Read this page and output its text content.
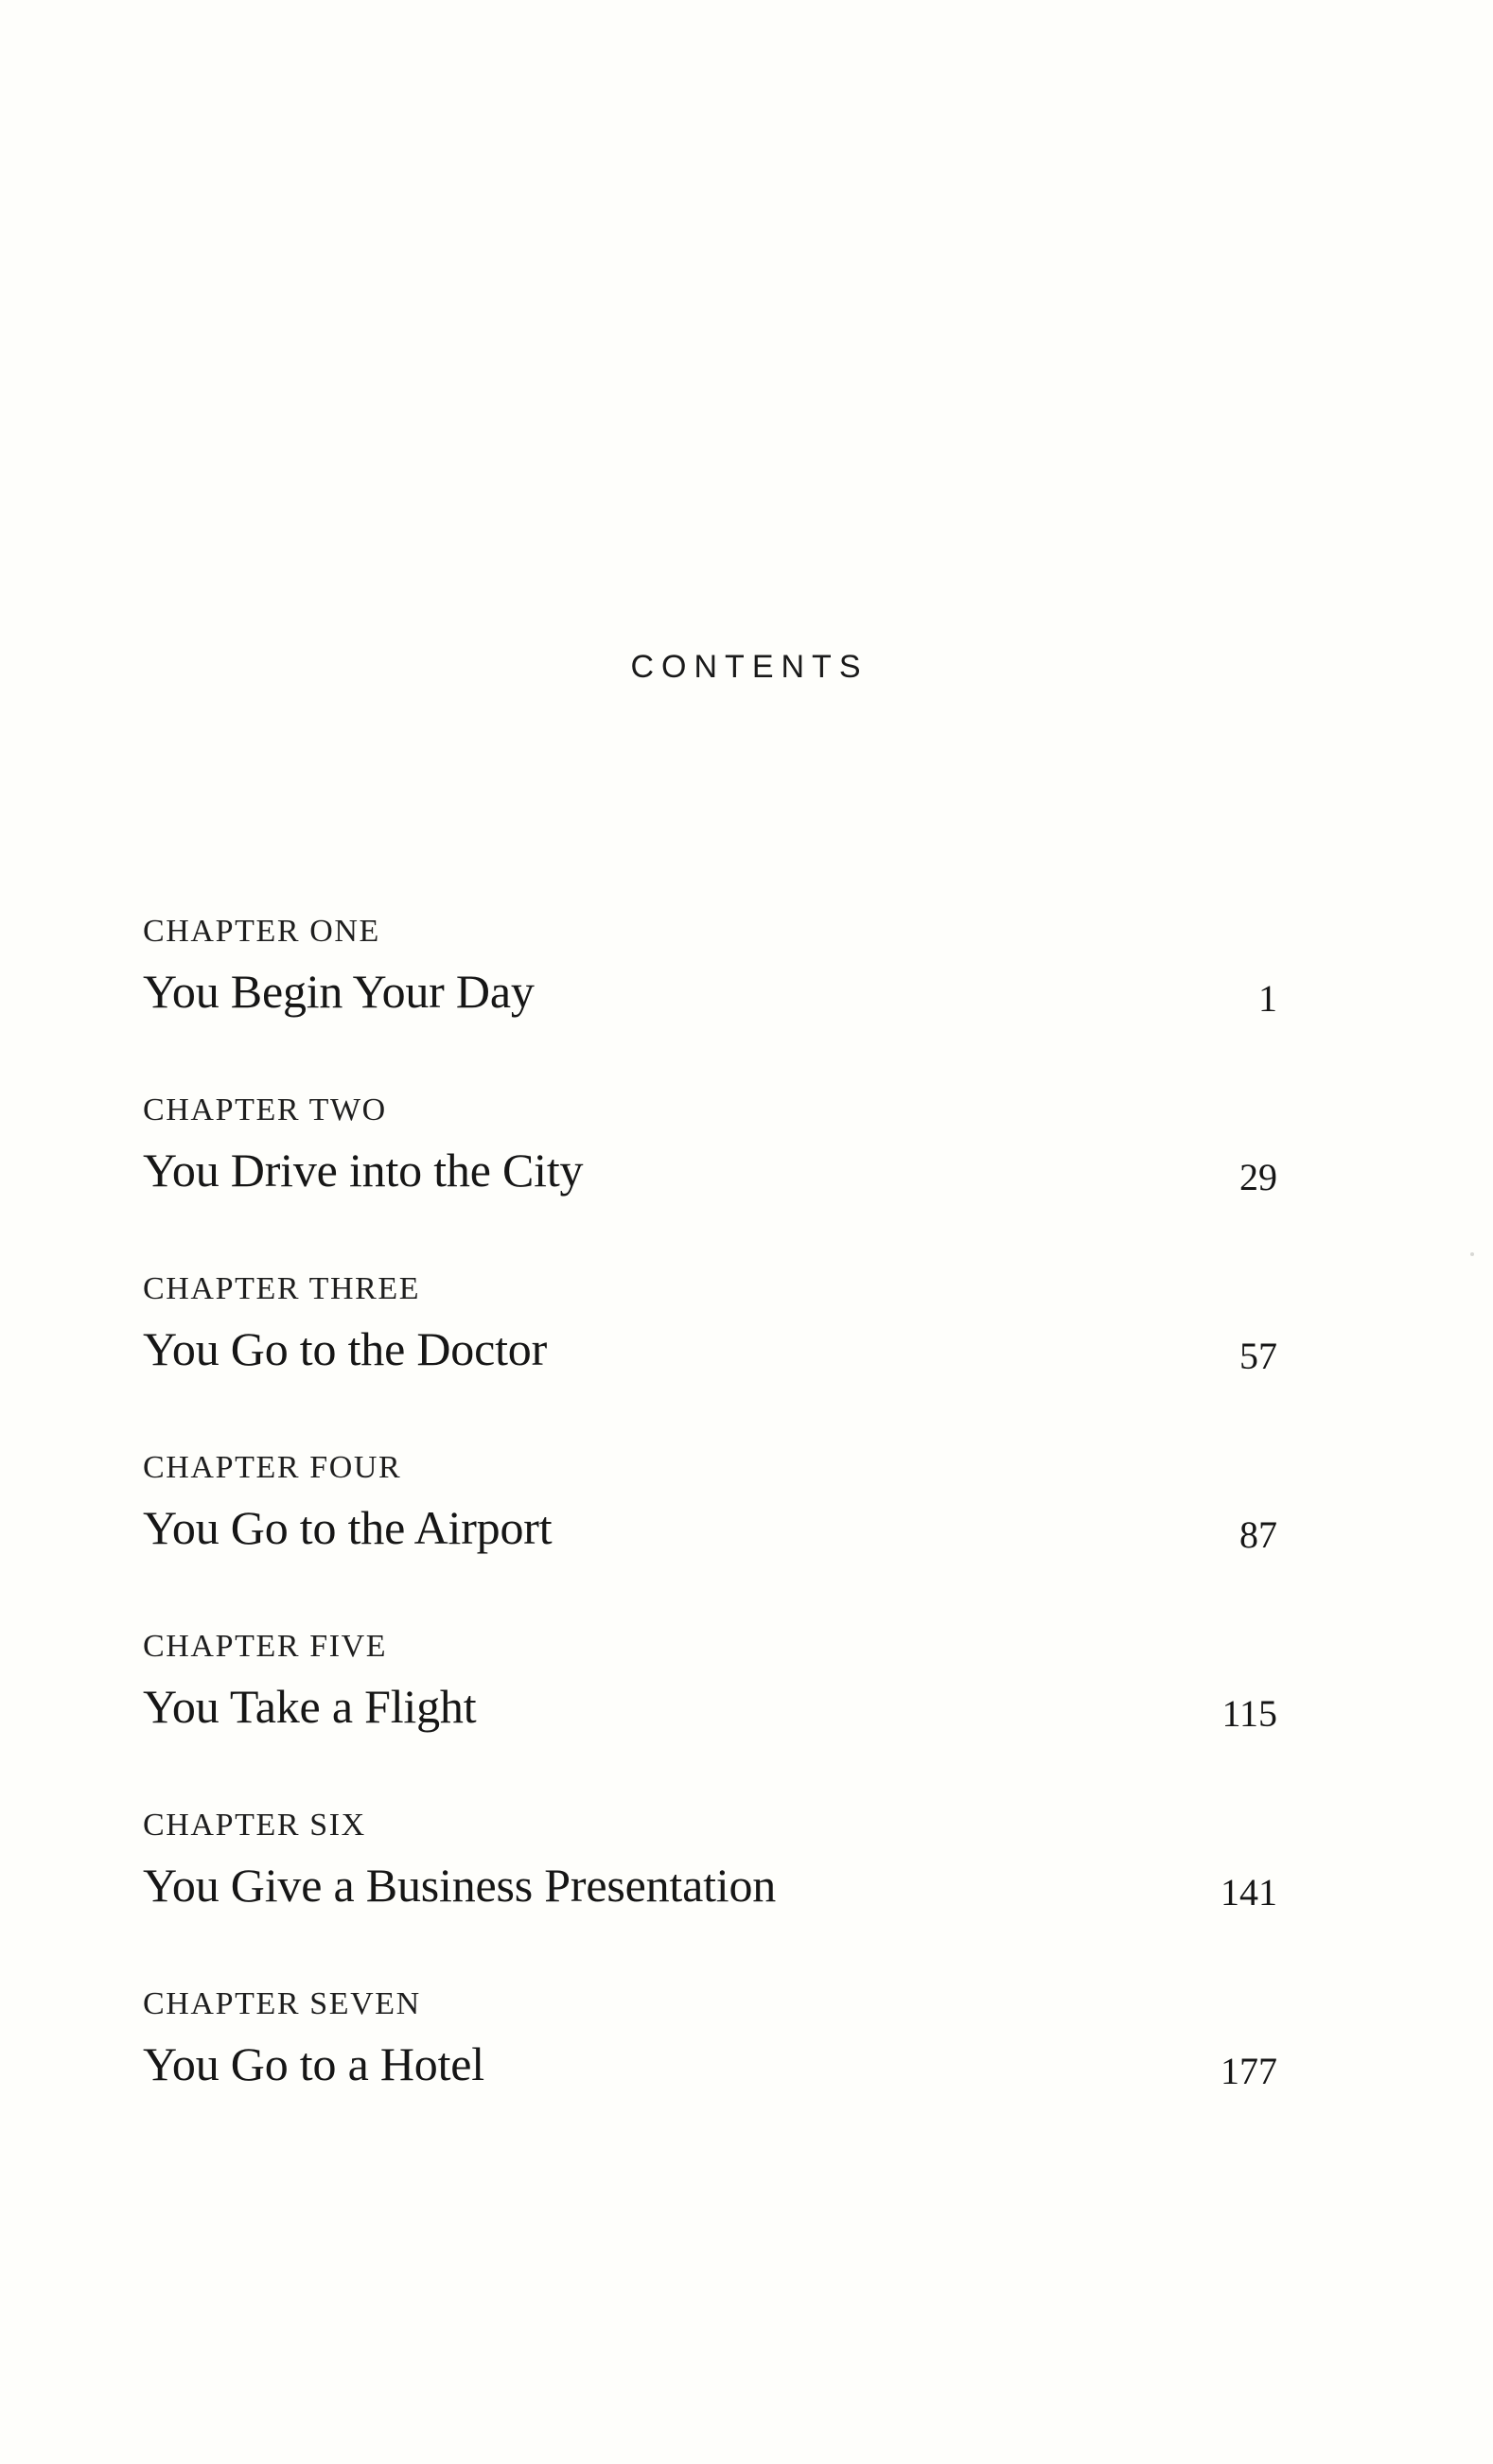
CONTENTS
CHAPTER ONE
You Begin Your Day	1
CHAPTER TWO
You Drive into the City	29
CHAPTER THREE
You Go to the Doctor	57
CHAPTER FOUR
You Go to the Airport	87
CHAPTER FIVE
You Take a Flight	115
CHAPTER SIX
You Give a Business Presentation	141
CHAPTER SEVEN
You Go to a Hotel	177
